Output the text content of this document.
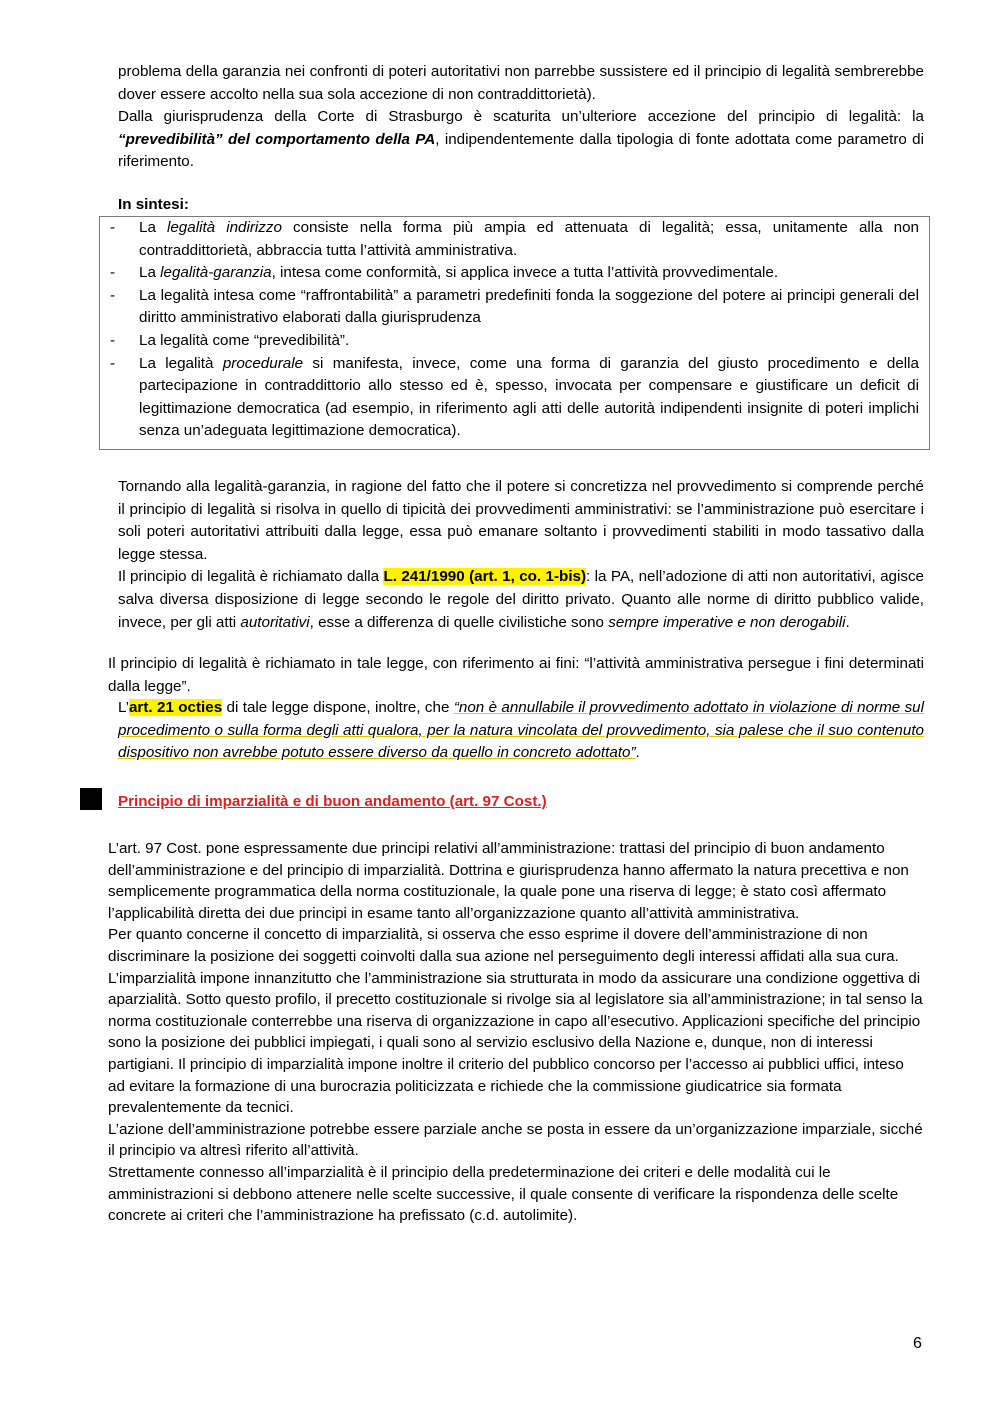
problema della garanzia nei confronti di poteri autoritativi non parrebbe sussistere ed il principio di legalità sembrerebbe dover essere accolto nella sua sola accezione di non contraddittorietà).

Dalla giurisprudenza della Corte di Strasburgo è scaturita un’ulteriore accezione del principio di legalità: la “prevedibilità” del comportamento della PA, indipendentemente dalla tipologia di fonte adottata come parametro di riferimento.

In sintesi:
- La legalità indirizzo consiste nella forma più ampia ed attenuata di legalità; essa, unitamente alla non contraddittorietà, abbraccia tutta l’attività amministrativa.
- La legalità-garanzia, intesa come conformità, si applica invece a tutta l’attività provvedimentale.
- La legalità intesa come “raffrontabilità” a parametri predefiniti fonda la soggezione del potere ai principi generali del diritto amministrativo elaborati dalla giurisprudenza
- La legalità come “prevedibilità”.
- La legalità procedurale si manifesta, invece, come una forma di garanzia del giusto procedimento e della partecipazione in contraddittorio allo stesso ed è, spesso, invocata per compensare e giustificare un deficit di legittimazione democratica (ad esempio, in riferimento agli atti delle autorità indipendenti insignite di poteri implichi senza un’adeguata legittimazione democratica).

Tornando alla legalità-garanzia, in ragione del fatto che il potere si concretizza nel provvedimento si comprende perché il principio di legalità si risolva in quello di tipicità dei provvedimenti amministrativi: se l’amministrazione può esercitare i soli poteri autoritativi attribuiti dalla legge, essa può emanare soltanto i provvedimenti stabiliti in modo tassativo dalla legge stessa.

Il principio di legalità è richiamato dalla L. 241/1990 (art. 1, co. 1-bis): la PA, nell’adozione di atti non autoritativi, agisce salva diversa disposizione di legge secondo le regole del diritto privato. Quanto alle norme di diritto pubblico valide, invece, per gli atti autoritativi, esse a differenza di quelle civilistiche sono sempre imperative e non derogabili.

Il principio di legalità è richiamato in tale legge, con riferimento ai fini: “l’attività amministrativa persegue i fini determinati dalla legge”.
L’art. 21 octies di tale legge dispone, inoltre, che “non è annullabile il provvedimento adottato in violazione di norme sul procedimento o sulla forma degli atti qualora, per la natura vincolata del provvedimento, sia palese che il suo contenuto dispositivo non avrebbe potuto essere diverso da quello in concreto adottato”.
Principio di imparzialità e di buon andamento (art. 97 Cost.)

L’art. 97 Cost. pone espressamente due principi relativi all’amministrazione: trattasi del principio di buon andamento dell’amministrazione e del principio di imparzialità. Dottrina e giurisprudenza hanno affermato la natura precettiva e non semplicemente programmatica della norma costituzionale, la quale pone una riserva di legge; è stato così affermato l’applicabilità diretta dei due principi in esame tanto all’organizzazione quanto all’attività amministrativa.

Per quanto concerne il concetto di imparzialità, si osserva che esso esprime il dovere dell’amministrazione di non discriminare la posizione dei soggetti coinvolti dalla sua azione nel perseguimento degli interessi affidati alla sua cura. L’imparzialità impone innanzitutto che l’amministrazione sia strutturata in modo da assicurare una condizione oggettiva di aparzialità. Sotto questo profilo, il precetto costituzionale si rivolge sia al legislatore sia all’amministrazione; in tal senso la norma costituzionale conterrebbe una riserva di organizzazione in capo all’esecutivo. Applicazioni specifiche del principio sono la posizione dei pubblici impiegati, i quali sono al servizio esclusivo della Nazione e, dunque, non di interessi partigiani. Il principio di imparzialità impone inoltre il criterio del pubblico concorso per l’accesso ai pubblici uffici, inteso ad evitare la formazione di una burocrazia politicizzata e richiede che la commissione giudicatrice sia formata prevalentemente da tecnici.

L’azione dell’amministrazione potrebbe essere parziale anche se posta in essere da un’organizzazione imparziale, sicché il principio va altresì riferito all’attività.

Strettamente connesso all’imparzialità è il principio della predeterminazione dei criteri e delle modalità cui le amministrazioni si debbono attenere nelle scelte successive, il quale consente di verificare la rispondenza delle scelte concrete ai criteri che l’amministrazione ha prefissato (c.d. autolimite).

6
